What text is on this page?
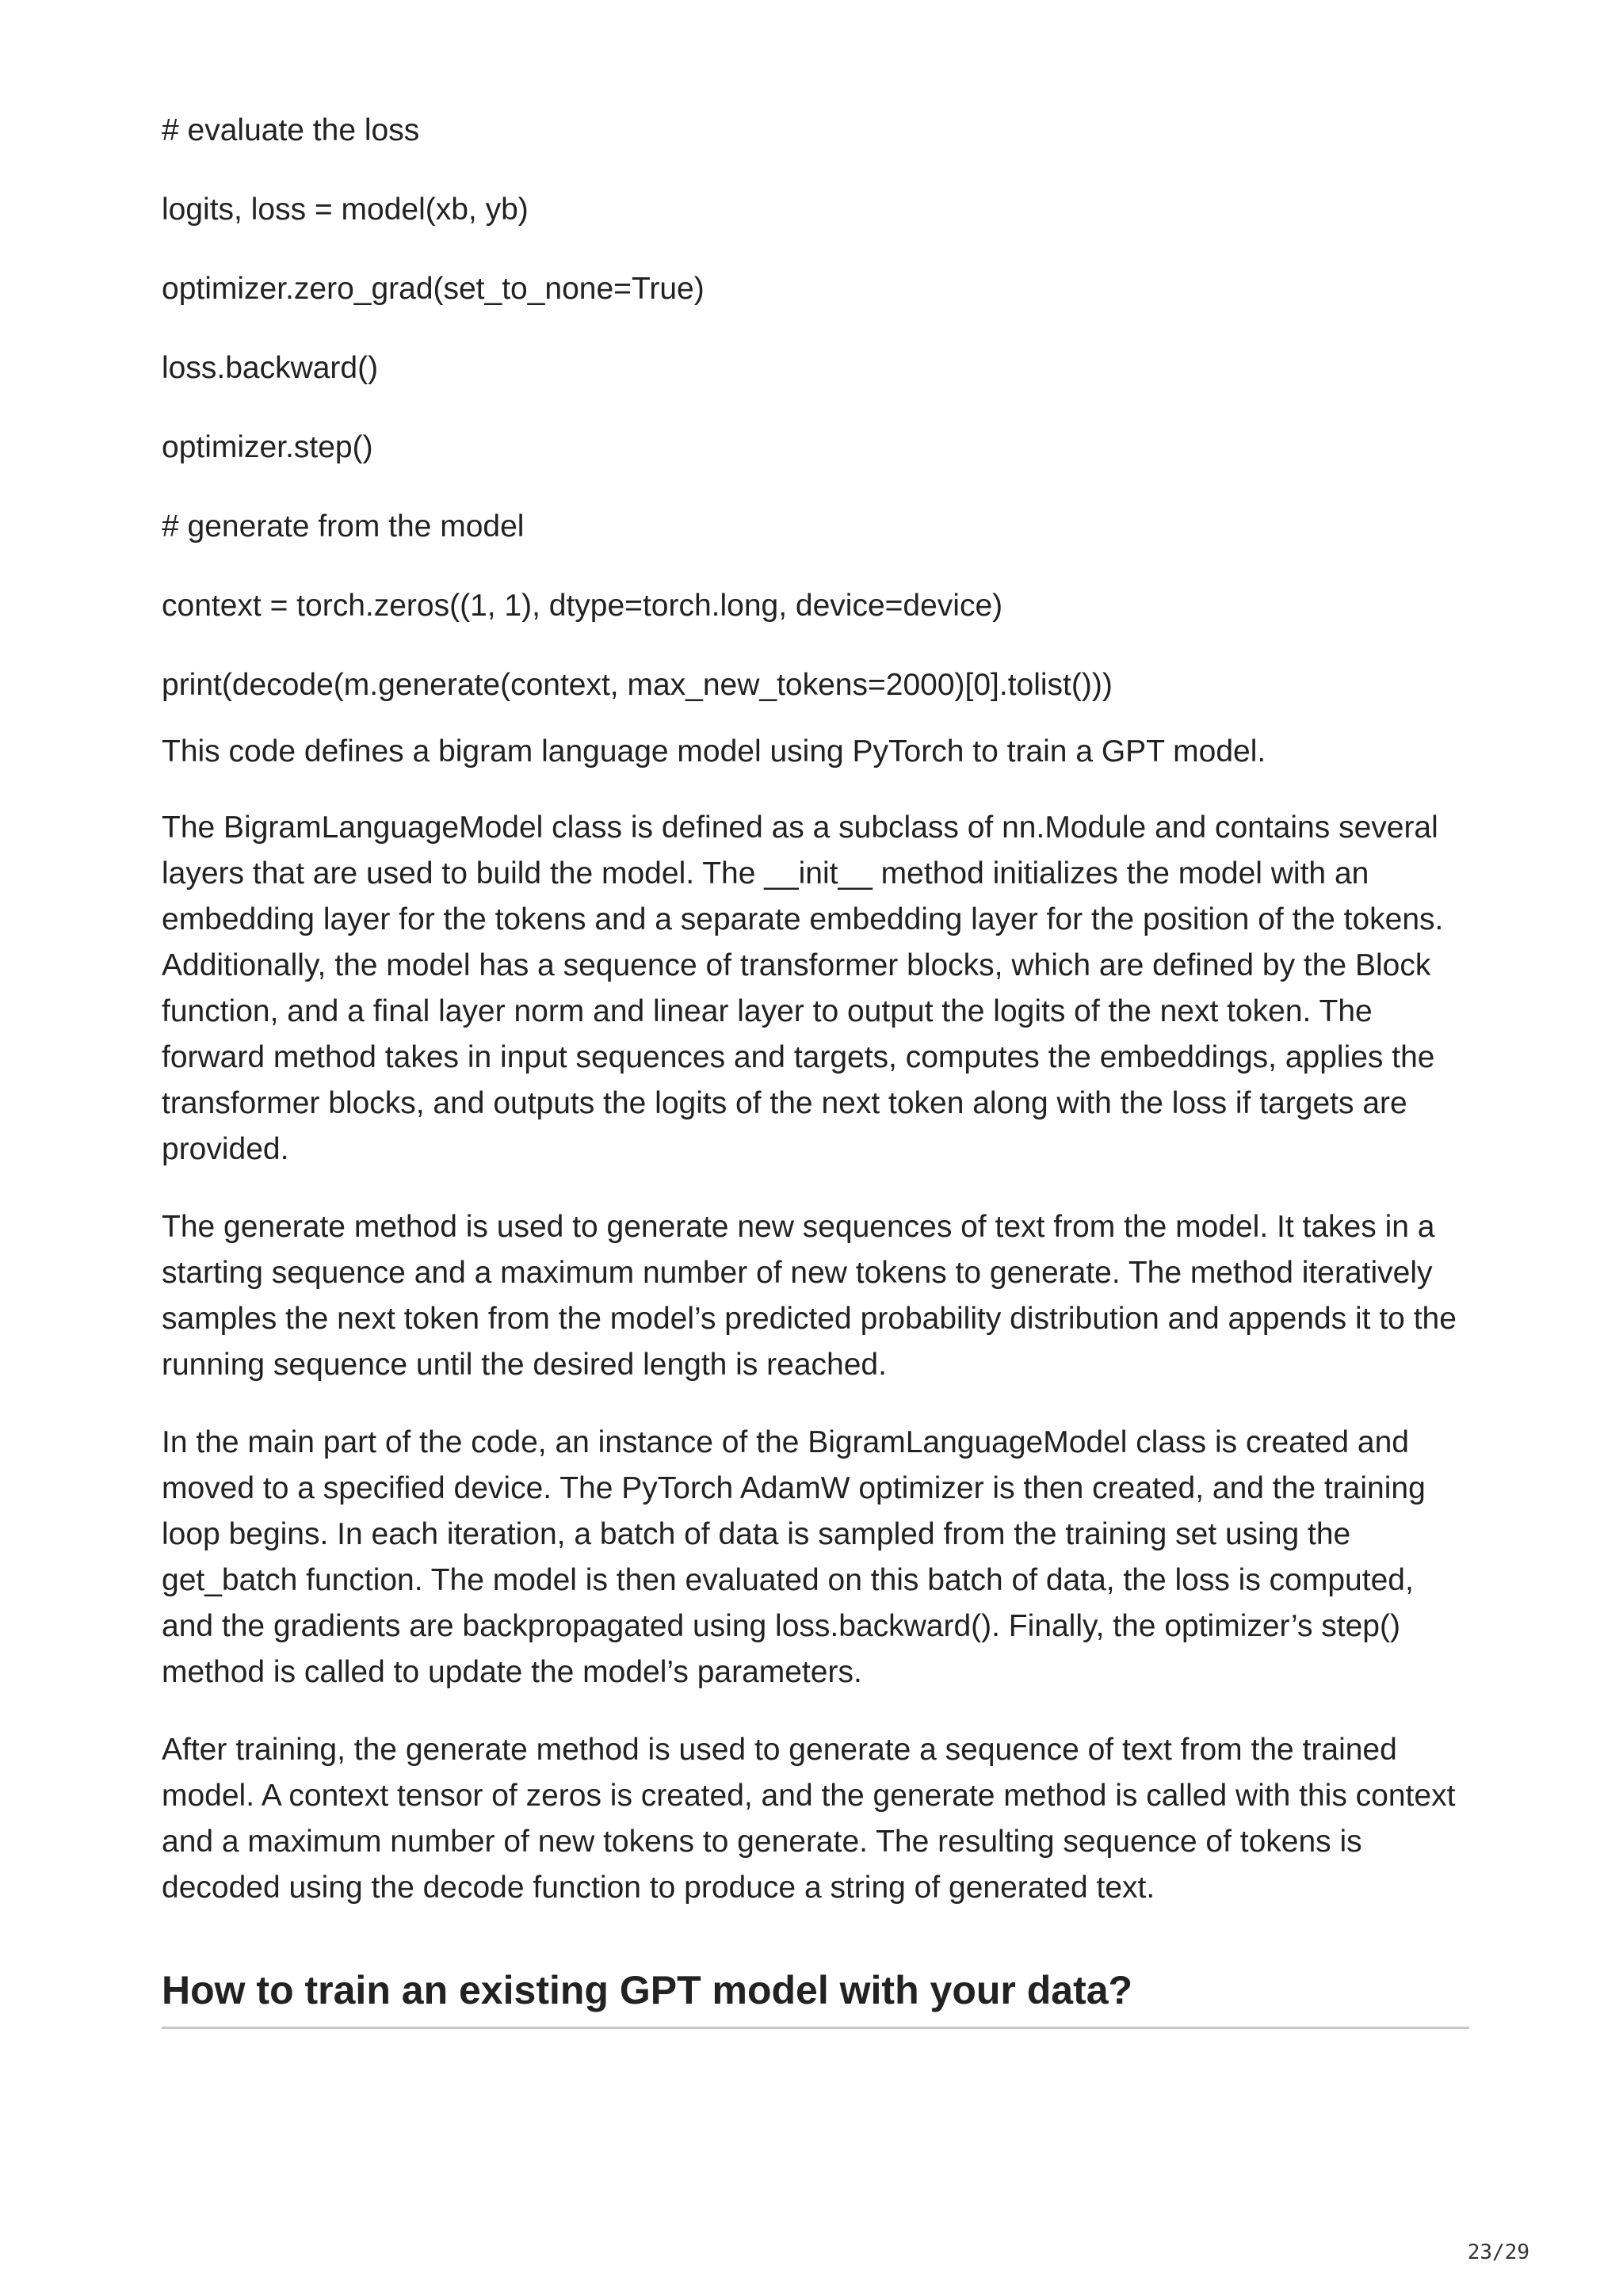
# evaluate the loss
logits, loss = model(xb, yb)
optimizer.zero_grad(set_to_none=True)
loss.backward()
optimizer.step()
# generate from the model
context = torch.zeros((1, 1), dtype=torch.long, device=device)
print(decode(m.generate(context, max_new_tokens=2000)[0].tolist()))

This code defines a bigram language model using PyTorch to train a GPT model.

The BigramLanguageModel class is defined as a subclass of nn.Module and contains several layers that are used to build the model. The __init__ method initializes the model with an embedding layer for the tokens and a separate embedding layer for the position of the tokens. Additionally, the model has a sequence of transformer blocks, which are defined by the Block function, and a final layer norm and linear layer to output the logits of the next token. The forward method takes in input sequences and targets, computes the embeddings, applies the transformer blocks, and outputs the logits of the next token along with the loss if targets are provided.

The generate method is used to generate new sequences of text from the model. It takes in a starting sequence and a maximum number of new tokens to generate. The method iteratively samples the next token from the model’s predicted probability distribution and appends it to the running sequence until the desired length is reached.

In the main part of the code, an instance of the BigramLanguageModel class is created and moved to a specified device. The PyTorch AdamW optimizer is then created, and the training loop begins. In each iteration, a batch of data is sampled from the training set using the get_batch function. The model is then evaluated on this batch of data, the loss is computed, and the gradients are backpropagated using loss.backward(). Finally, the optimizer’s step() method is called to update the model’s parameters.

After training, the generate method is used to generate a sequence of text from the trained model. A context tensor of zeros is created, and the generate method is called with this context and a maximum number of new tokens to generate. The resulting sequence of tokens is decoded using the decode function to produce a string of generated text.

How to train an existing GPT model with your data?
23/29
